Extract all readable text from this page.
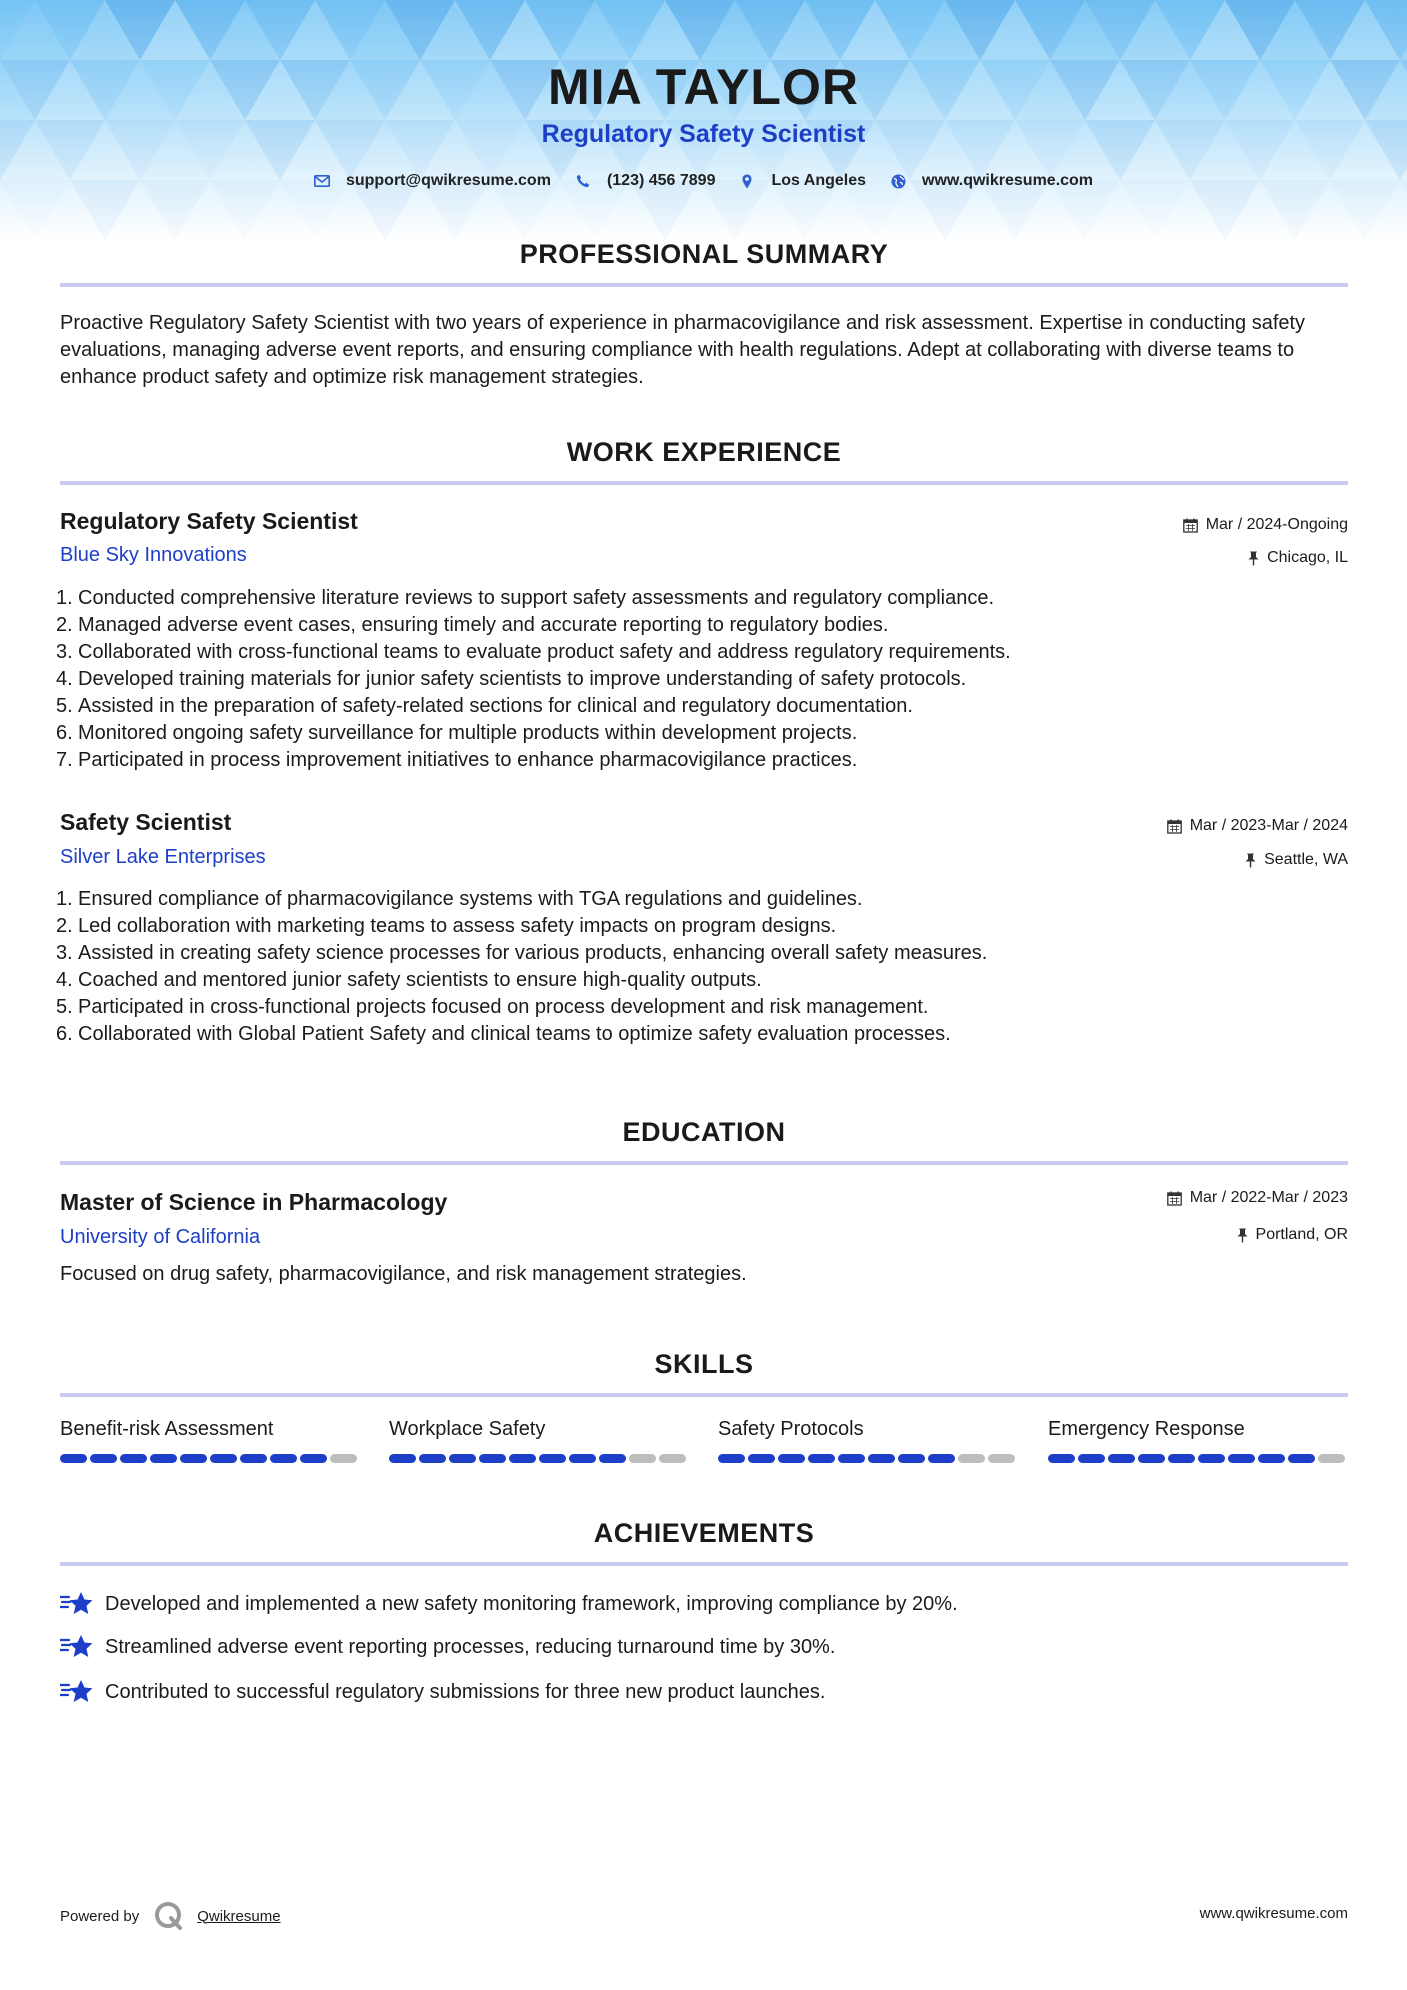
MIA TAYLOR
Regulatory Safety Scientist
support@qwikresume.com	(123) 456 7899	Los Angeles	www.qwikresume.com
PROFESSIONAL SUMMARY
Proactive Regulatory Safety Scientist with two years of experience in pharmacovigilance and risk assessment. Expertise in conducting safety evaluations, managing adverse event reports, and ensuring compliance with health regulations. Adept at collaborating with diverse teams to enhance product safety and optimize risk management strategies.
WORK EXPERIENCE
Regulatory Safety Scientist
Blue Sky Innovations
Mar / 2024-Ongoing
Chicago, IL
1. Conducted comprehensive literature reviews to support safety assessments and regulatory compliance.
2. Managed adverse event cases, ensuring timely and accurate reporting to regulatory bodies.
3. Collaborated with cross-functional teams to evaluate product safety and address regulatory requirements.
4. Developed training materials for junior safety scientists to improve understanding of safety protocols.
5. Assisted in the preparation of safety-related sections for clinical and regulatory documentation.
6. Monitored ongoing safety surveillance for multiple products within development projects.
7. Participated in process improvement initiatives to enhance pharmacovigilance practices.
Safety Scientist
Silver Lake Enterprises
Mar / 2023-Mar / 2024
Seattle, WA
1. Ensured compliance of pharmacovigilance systems with TGA regulations and guidelines.
2. Led collaboration with marketing teams to assess safety impacts on program designs.
3. Assisted in creating safety science processes for various products, enhancing overall safety measures.
4. Coached and mentored junior safety scientists to ensure high-quality outputs.
5. Participated in cross-functional projects focused on process development and risk management.
6. Collaborated with Global Patient Safety and clinical teams to optimize safety evaluation processes.
EDUCATION
Master of Science in Pharmacology
University of California
Mar / 2022-Mar / 2023
Portland, OR
Focused on drug safety, pharmacovigilance, and risk management strategies.
SKILLS
Benefit-risk Assessment	Workplace Safety	Safety Protocols	Emergency Response
ACHIEVEMENTS
Developed and implemented a new safety monitoring framework, improving compliance by 20%.
Streamlined adverse event reporting processes, reducing turnaround time by 30%.
Contributed to successful regulatory submissions for three new product launches.
Powered by	Qwikresume	www.qwikresume.com
